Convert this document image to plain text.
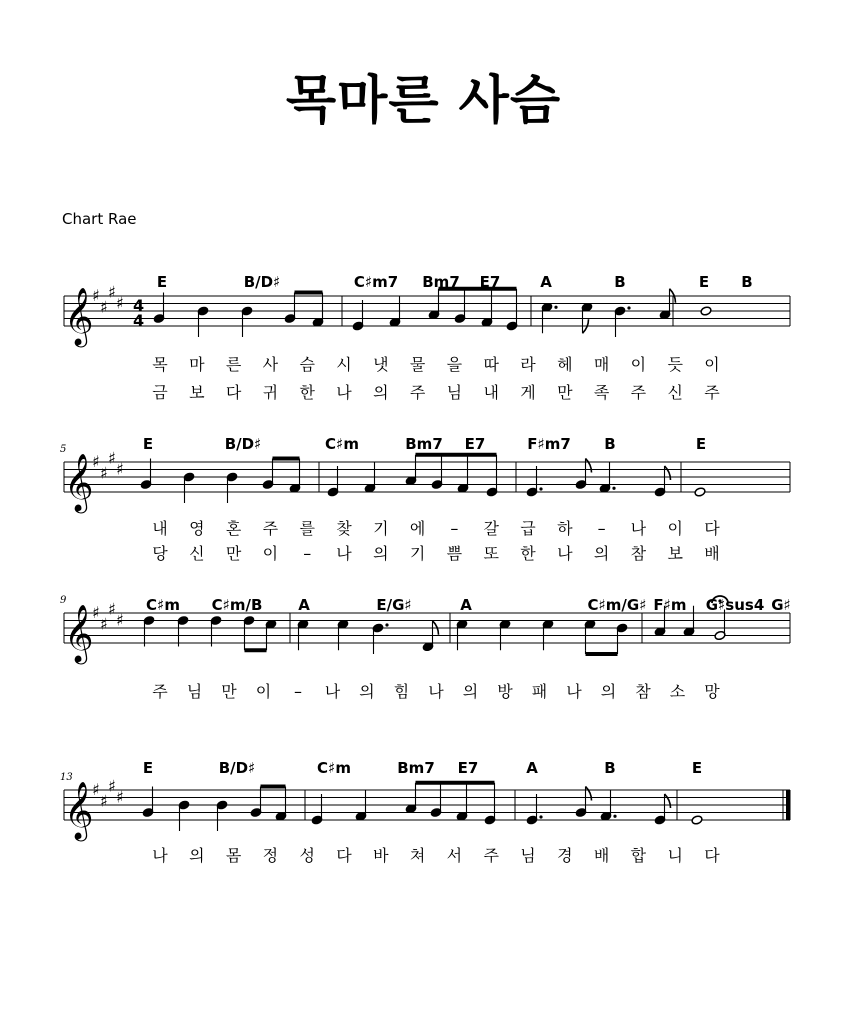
목마른 사슴
Chart Rae
𝄞
♯
♯
♯
♯ 4
4
E	B/D♯	C♯m7 Bm7 E7	A	B	E B
목 마 른 사 슴 시 냇 물 을 따 라 헤 매 이 듯 이
금 보 다 귀 한 나 의 주 님 내 게 만 족 주 신 주
𝄞
♯
♯
♯
♯
5	E	B/D♯	C♯m	Bm7 E7	F♯m7 B	E
내 영 혼 주 를 찾 기 에 – 갈 급 하 – 나 이 다
당 신 만 이 – 나 의 기 쁨 또 한 나 의 참 보 배
𝄞
♯
♯
♯
♯
9	C♯m C♯m/B A	E/G♯	A	C♯m/G♯ F♯m G♯sus4 G♯
주 님 만 이 – 나 의 힘 나 의 방 패 나 의 참 소 망
𝄞
♯
♯
♯
♯
13
E	B/D♯	C♯m	Bm7 E7	A	B	E
나 의 몸 정 성 다 바 쳐 서 주 님 경 배 합 니 다
